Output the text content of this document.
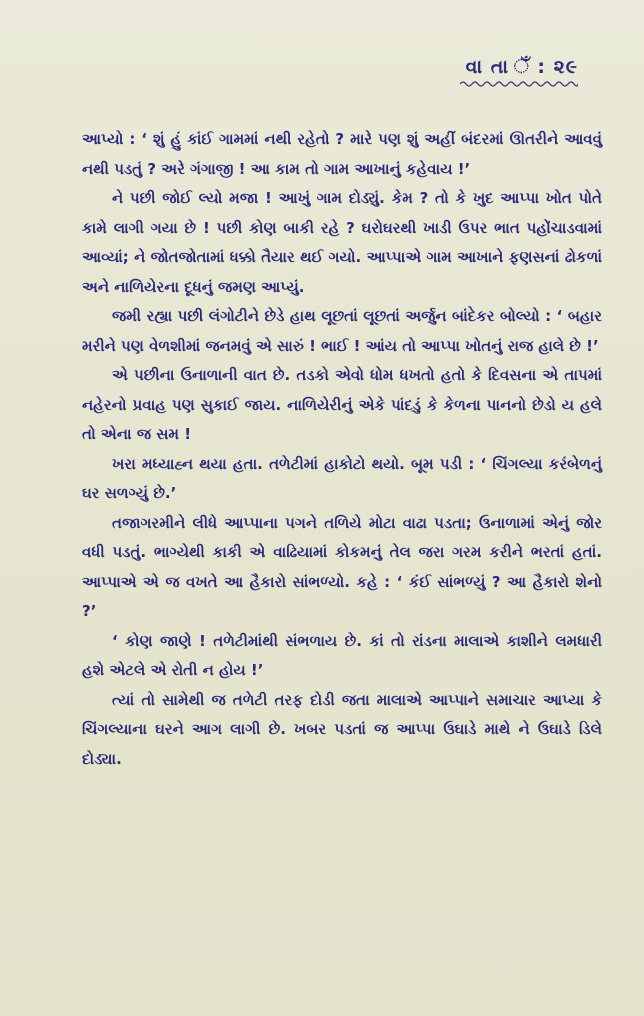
વા તા ઁ : ૨૯

આપ્યો : ‘ શું હું કાંઈ ગામમાં નથી રહેતો ? મારે પણ શું અહીં બંદરમાં ઊતરીને આવવું નથી પડતું ? અરે ગંગાજી ! આ કામ તો ગામ આખાનું કહેવાય !’

ને પછી જોઈ લ્યો મજા ! આખું ગામ દોડ્યું. કેમ ? તો કે ખુદ આપ્પા ખોત પોતે કામે લાગી ગયા છે ! પછી કોણ બાકી રહે ? ઘરોઘરથી ખાડી ઉપર ભાત પહોંચાડવામાં આવ્યાં; ને જોતજોતામાં ધક્કો તૈયાર થઈ ગયો. આપ્પાએ ગામ આખાને ફણસનાં ઢોકળાં અને નાળિયેરના દૂધનું જમણ આપ્યું.

જમી રહ્યા પછી લંગોટીને છેડે હાથ લૂછતાં લૂછતાં અર્જુન બાંદેકર બોલ્યો : ‘ બહાર મરીને પણ વેળશીમાં જનમવું એ સારું ! ભાઈ ! આંય તો આપ્પા ખોતનું રાજ હાલે છે !’

એ પછીના ઉનાળાની વાત છે. તડકો એવો ધોમ ધખતો હતો કે દિવસના એ તાપમાં નહેરનો પ્રવાહ પણ સુકાઈ જાય. નાળિયેરીનું એકે પાંદડું કે કેળના પાનનો છેડો ય હલે તો એના જ સમ !

ખરા મધ્યાહ્ન થયા હતા. તળેટીમાં હાકોટો થયો. બૂમ પડી : ‘ ચિંગલ્યા કરંબેળનું ઘર સળગ્યું છે.’

તજાગરમીને લીધે આપ્પાના પગને તળિયે મોટા વાઢા પડતા; ઉનાળામાં એનું જોર વધી પડતું. ભાગ્યેથી કાકી એ વાઢિયામાં કોકમનું તેલ જરા ગરમ કરીને ભરતાં હતાં. આપ્પાએ એ જ વખતે આ હૈકારો સાંભળ્યો. કહે : ‘ કંઈ સાંભળ્યું ? આ હૈકારો શેનો ?’

‘ કોણ જાણે ! તળેટીમાંથી સંભળાય છે. કાં તો રાંડના માલાએ કાશીને લમધારી હશે એટલે એ રોતી ન હોય !’

ત્યાં તો સામેથી જ તળેટી તરફ દોડી જતા માલાએ આપ્પાને સમાચાર આપ્યા કે ચિંગલ્યાના ઘરને આગ લાગી છે. ખબર પડતાં જ આપ્પા ઉઘાડે માથે ને ઉઘાડે ડિલે દોડ્યા.
